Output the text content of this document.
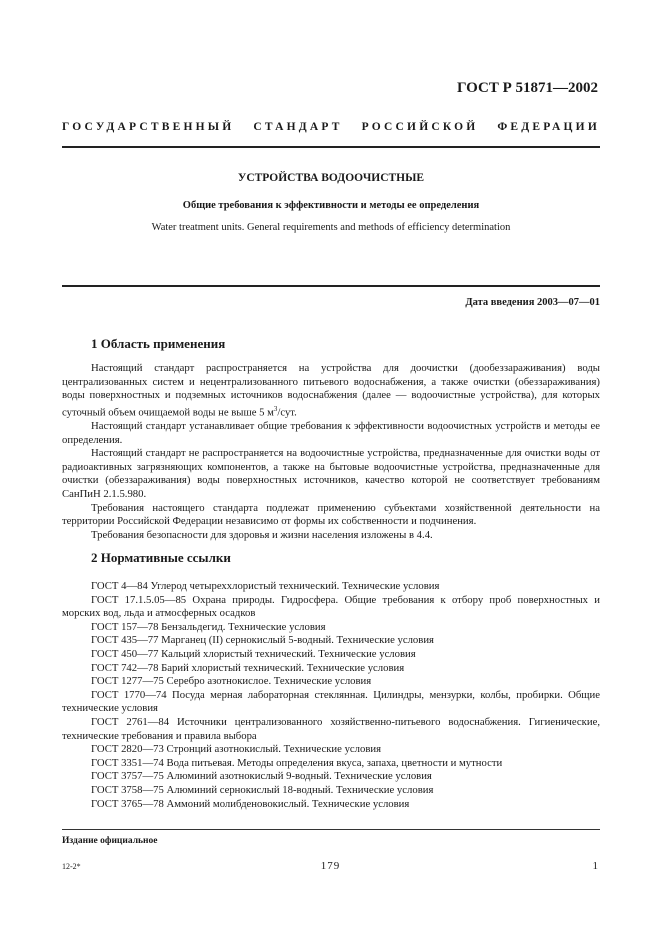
ГОСТ Р 51871—2002
ГОСУДАРСТВЕННЫЙ СТАНДАРТ РОССИЙСКОЙ ФЕДЕРАЦИИ
УСТРОЙСТВА ВОДООЧИСТНЫЕ
Общие требования к эффективности и методы ее определения
Water treatment units. General requirements and methods of efficiency determination
Дата введения 2003—07—01
1 Область применения

Настоящий стандарт распространяется на устройства для доочистки (дообеззараживания) воды централизованных систем и нецентрализованного питьевого водоснабжения, а также очистки (обеззараживания) воды поверхностных и подземных источников водоснабжения (далее — водоочистные устройства), для которых суточный объем очищаемой воды не выше 5 $м^3$/сут.

Настоящий стандарт устанавливает общие требования к эффективности водоочистных устройств и методы ее определения.

Настоящий стандарт не распространяется на водоочистные устройства, предназначенные для очистки воды от радиоактивных загрязняющих компонентов, а также на бытовые водоочистные устройства, предназначенные для очистки (обеззараживания) воды поверхностных источников, качество которой не соответствует требованиям СанПиН 2.1.5.980.

Требования настоящего стандарта подлежат применению субъектами хозяйственной деятельности на территории Российской Федерации независимо от формы их собственности и подчинения.

Требования безопасности для здоровья и жизни населения изложены в 4.4.

2 Нормативные ссылки

ГОСТ 4—84 Углерод четыреххлористый технический. Технические условия

ГОСТ 17.1.5.05—85 Охрана природы. Гидросфера. Общие требования к отбору проб поверхностных и морских вод, льда и атмосферных осадков

ГОСТ 157—78 Бензальдегид. Технические условия

ГОСТ 435—77 Марганец (II) сернокислый 5-водный. Технические условия

ГОСТ 450—77 Кальций хлористый технический. Технические условия

ГОСТ 742—78 Барий хлористый технический. Технические условия

ГОСТ 1277—75 Серебро азотнокислое. Технические условия

ГОСТ 1770—74 Посуда мерная лабораторная стеклянная. Цилиндры, мензурки, колбы, пробирки. Общие технические условия

ГОСТ 2761—84 Источники централизованного хозяйственно-питьевого водоснабжения. Гигиенические, технические требования и правила выбора

ГОСТ 2820—73 Стронций азотнокислый. Технические условия

ГОСТ 3351—74 Вода питьевая. Методы определения вкуса, запаха, цветности и мутности

ГОСТ 3757—75 Алюминий азотнокислый 9-водный. Технические условия

ГОСТ 3758—75 Алюминий сернокислый 18-водный. Технические условия

ГОСТ 3765—78 Аммоний молибденовокислый. Технические условия

Издание официальное
12-2*	179	1
